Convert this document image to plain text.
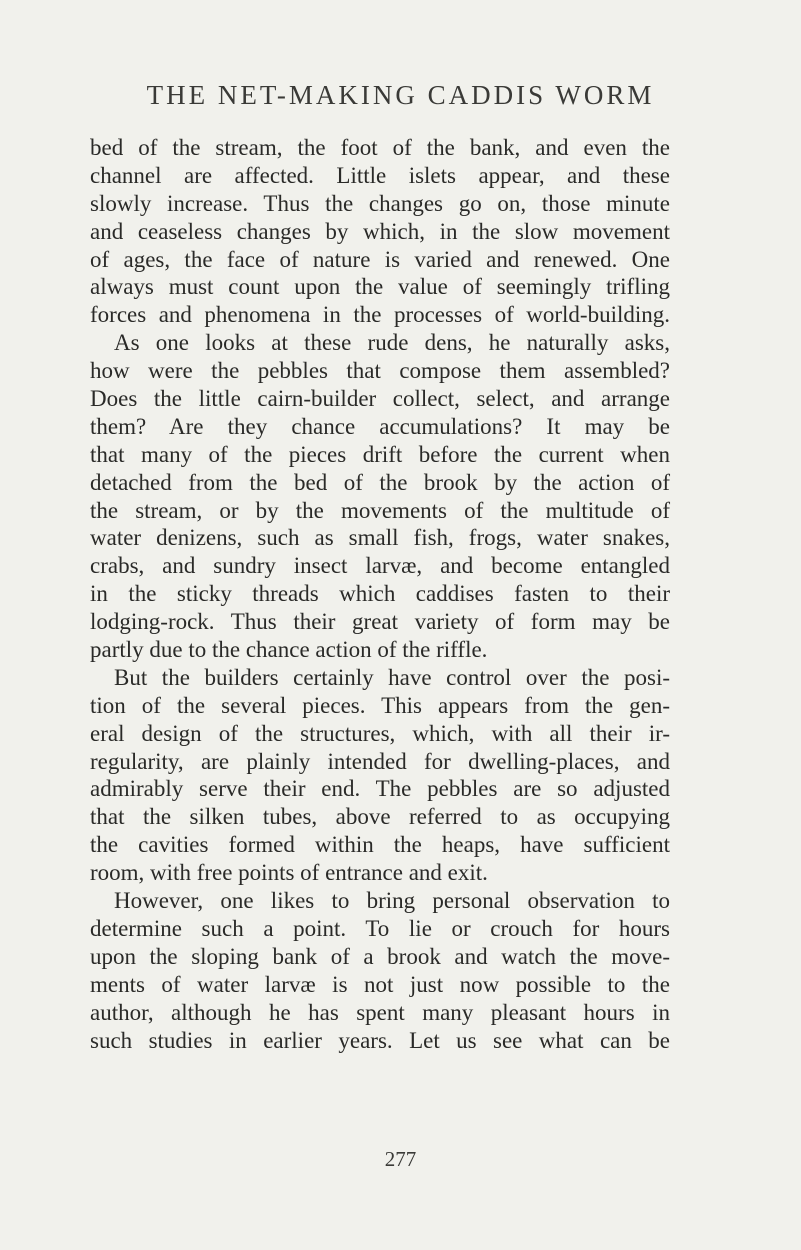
THE NET-MAKING CADDIS WORM
bed of the stream, the foot of the bank, and even the
channel are affected. Little islets appear, and these
slowly increase. Thus the changes go on, those minute
and ceaseless changes by which, in the slow movement
of ages, the face of nature is varied and renewed. One
always must count upon the value of seemingly trifling
forces and phenomena in the processes of world-building.
As one looks at these rude dens, he naturally asks,
how were the pebbles that compose them assembled?
Does the little cairn-builder collect, select, and arrange
them? Are they chance accumulations? It may be
that many of the pieces drift before the current when
detached from the bed of the brook by the action of
the stream, or by the movements of the multitude of
water denizens, such as small fish, frogs, water snakes,
crabs, and sundry insect larvæ, and become entangled
in the sticky threads which caddises fasten to their
lodging-rock. Thus their great variety of form may be
partly due to the chance action of the riffle.
But the builders certainly have control over the posi-
tion of the several pieces. This appears from the gen-
eral design of the structures, which, with all their ir-
regularity, are plainly intended for dwelling-places, and
admirably serve their end. The pebbles are so adjusted
that the silken tubes, above referred to as occupying
the cavities formed within the heaps, have sufficient
room, with free points of entrance and exit.
However, one likes to bring personal observation to
determine such a point. To lie or crouch for hours
upon the sloping bank of a brook and watch the move-
ments of water larvæ is not just now possible to the
author, although he has spent many pleasant hours in
such studies in earlier years. Let us see what can be
277
